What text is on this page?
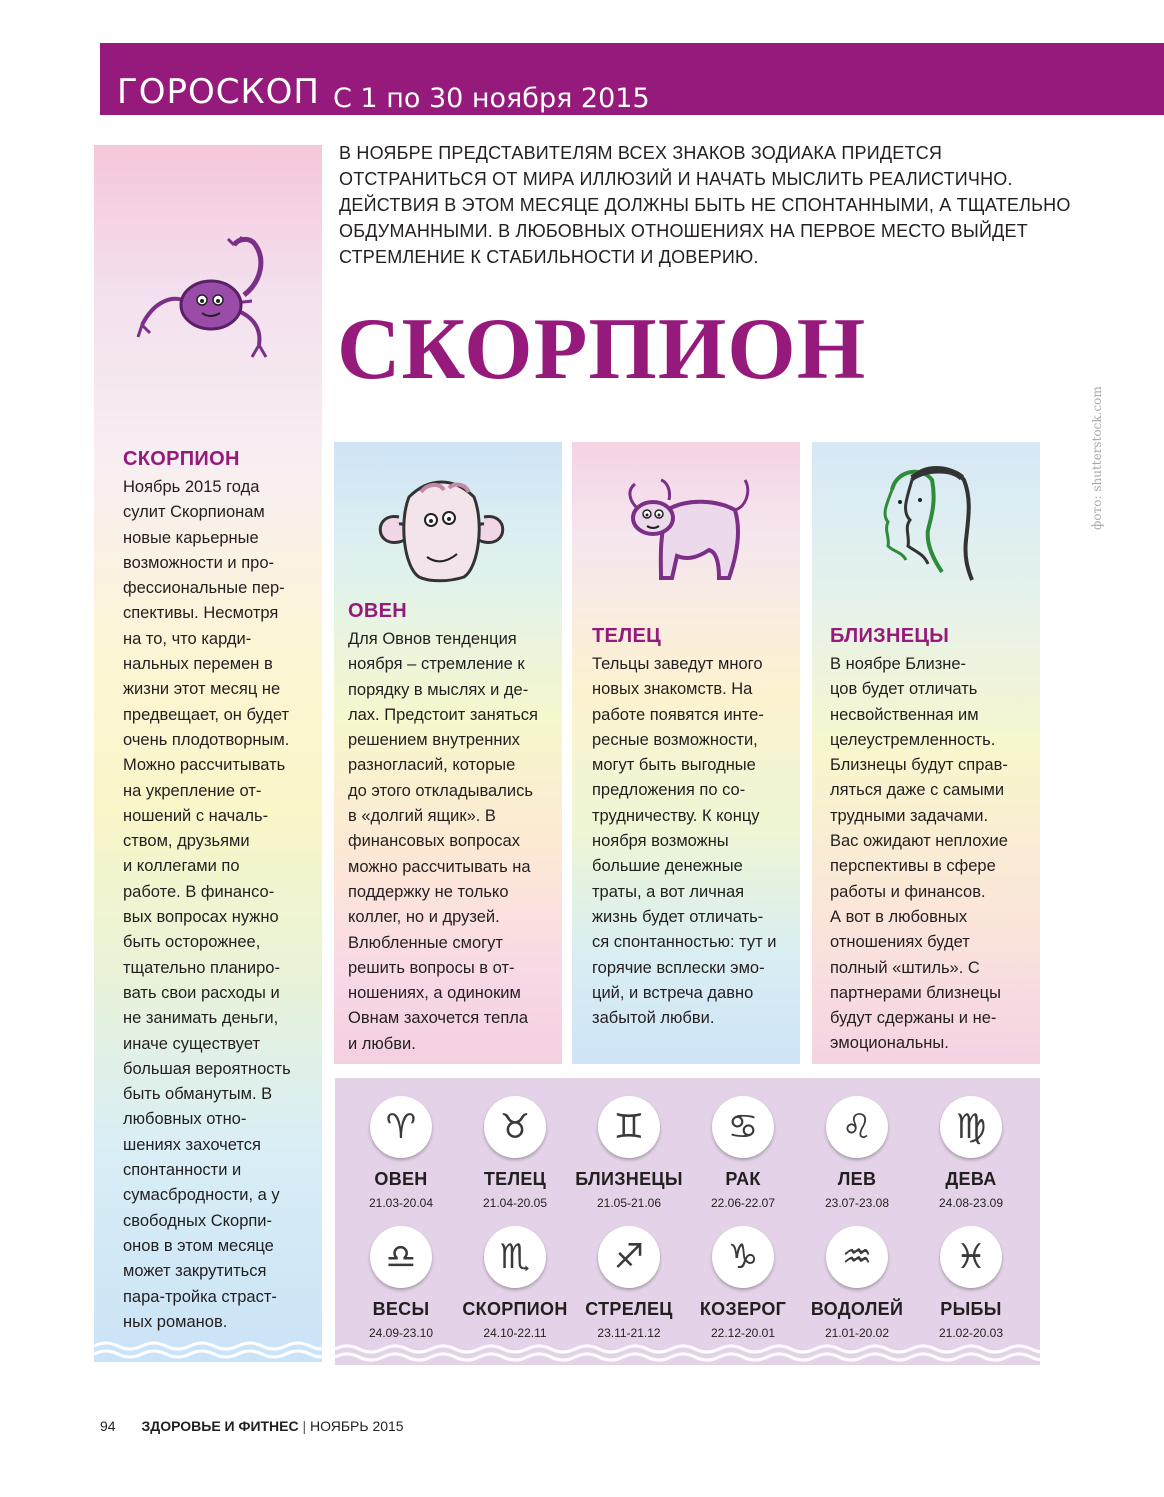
ГОРОСКОП С 1 по 30 ноября 2015

В НОЯБРЕ ПРЕДСТАВИТЕЛЯМ ВСЕХ ЗНАКОВ ЗОДИАКА ПРИДЕТСЯ

ОТСТРАНИТЬСЯ ОТ МИРА ИЛЛЮЗИЙ И НАЧАТЬ МЫСЛИТЬ РЕАЛИСТИЧНО.

ДЕЙСТВИЯ В ЭТОМ МЕСЯЦЕ ДОЛЖНЫ БЫТЬ НЕ СПОНТАННЫМИ, А ТЩАТЕЛЬНО

ОБДУМАННЫМИ. В ЛЮБОВНЫХ ОТНОШЕНИЯХ НА ПЕРВОЕ МЕСТО ВЫЙДЕТ

СТРЕМЛЕНИЕ К СТАБИЛЬНОСТИ И ДОВЕРИЮ.

СКОРПИОН
фото: shutterstock.com
СКОРПИОН
Ноябрь 2015 года
сулит Скорпионам
новые карьерные
возможности и про-
фессиональные пер-
спективы. Несмотря
на то, что карди-
нальных перемен в
жизни этот месяц не
предвещает, он будет
очень плодотворным.
Можно рассчитывать
на укрепление от-
ношений с началь-
ством, друзьями
и коллегами по
работе. В финансо-
вых вопросах нужно
быть осторожнее,
тщательно планиро-
вать свои расходы и
не занимать деньги,
иначе существует
большая вероятность
быть обманутым. В
любовных отно-
шениях захочется
спонтанности и
сумасбродности, а у
свободных Скорпи-
онов в этом месяце
может закрутиться
пара-тройка страст-
ных романов.
ОВЕН
Для Овнов тенденция
ноября – стремление к
порядку в мыслях и де-
лах. Предстоит заняться
решением внутренних
разногласий, которые
до этого откладывались
в «долгий ящик». В
финансовых вопросах
можно рассчитывать на
поддержку не только
коллег, но и друзей.
Влюбленные смогут
решить вопросы в от-
ношениях, а одиноким
Овнам захочется тепла
и любви.
ТЕЛЕЦ
Тельцы заведут много
новых знакомств. На
работе появятся инте-
ресные возможности,
могут быть выгодные
предложения по со-
трудничеству. К концу
ноября возможны
большие денежные
траты, а вот личная
жизнь будет отличать-
ся спонтанностью: тут и
горячие всплески эмо-
ций, и встреча давно
забытой любви.
БЛИЗНЕЦЫ
В ноябре Близне-
цов будет отличать
несвойственная им
целеустремленность.
Близнецы будут справ-
ляться даже с самыми
трудными задачами.
Вас ожидают неплохие
перспективы в сфере
работы и финансов.
А вот в любовных
отношениях будет
полный «штиль». С
партнерами близнецы
будут сдержаны и не-
эмоциональны.
♈
ОВЕН
21.03-20.04
♉
ТЕЛЕЦ
21.04-20.05
♊
БЛИЗНЕЦЫ
21.05-21.06
♋
РАК
22.06-22.07
♌
ЛЕВ
23.07-23.08
♍
ДЕВА
24.08-23.09
♎
ВЕСЫ
24.09-23.10
♏
СКОРПИОН
24.10-22.11
♐
СТРЕЛЕЦ
23.11-21.12
♑
КОЗЕРОГ
22.12-20.01
♒
ВОДОЛЕЙ
21.01-20.02
♓
РЫБЫ
21.02-20.03
94 ЗДОРОВЬЕ И ФИТНЕС | НОЯБРЬ 2015
